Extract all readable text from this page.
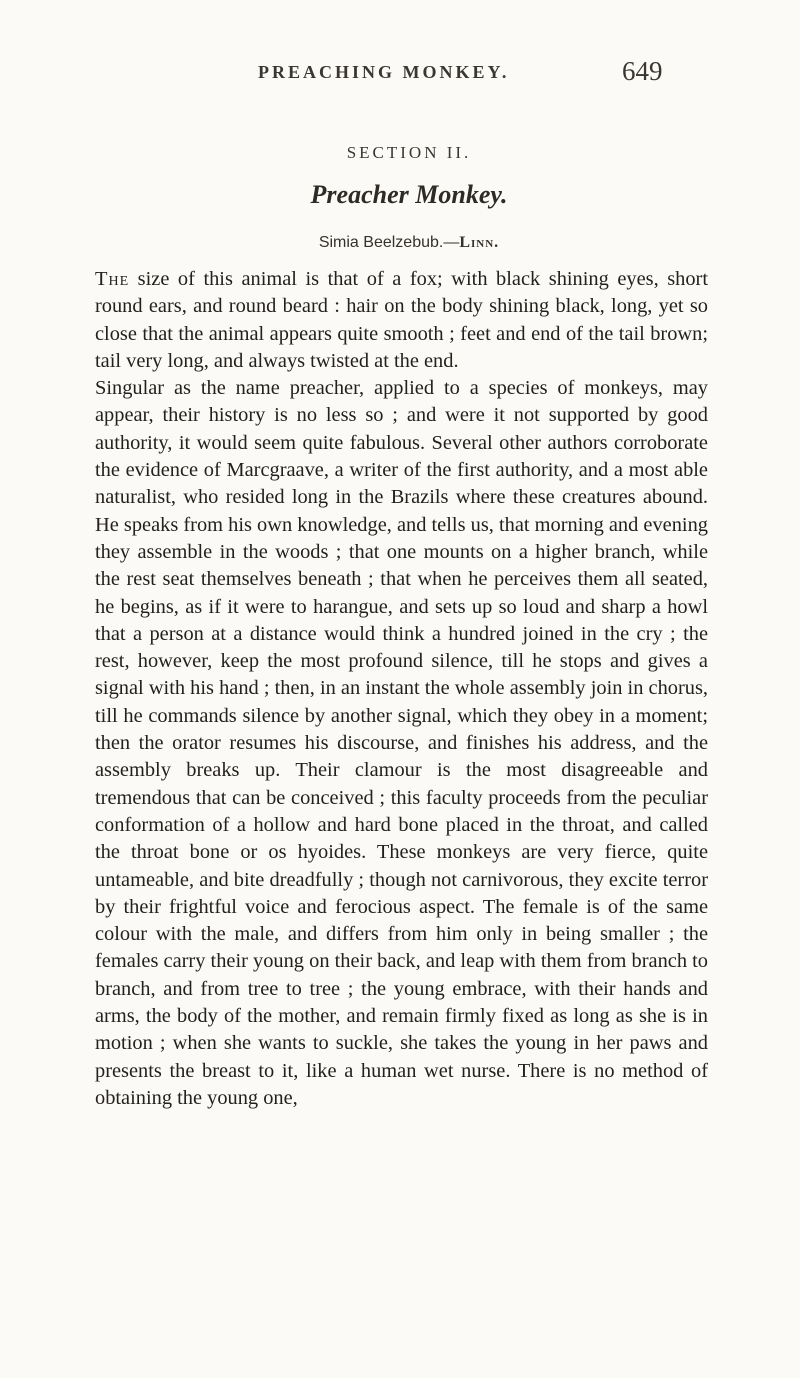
PREACHING MONKEY.	649
SECTION II.
Preacher Monkey.
Simia Beelzebub.—Linn.

The size of this animal is that of a fox; with black shining eyes, short round ears, and round beard : hair on the body shining black, long, yet so close that the animal appears quite smooth ; feet and end of the tail brown; tail very long, and always twisted at the end.

Singular as the name preacher, applied to a species of monkeys, may appear, their history is no less so ; and were it not supported by good authority, it would seem quite fabulous. Several other authors corroborate the evidence of Marcgraave, a writer of the first authority, and a most able naturalist, who resided long in the Brazils where these creatures abound. He speaks from his own knowledge, and tells us, that morning and evening they assemble in the woods ; that one mounts on a higher branch, while the rest seat themselves beneath ; that when he perceives them all seated, he begins, as if it were to harangue, and sets up so loud and sharp a howl that a person at a distance would think a hundred joined in the cry ; the rest, however, keep the most profound silence, till he stops and gives a signal with his hand ; then, in an instant the whole assembly join in chorus, till he commands silence by another signal, which they obey in a moment; then the orator resumes his discourse, and finishes his address, and the assembly breaks up. Their clamour is the most disagreeable and tremendous that can be conceived ; this faculty proceeds from the peculiar conformation of a hollow and hard bone placed in the throat, and called the throat bone or os hyoides. These monkeys are very fierce, quite untameable, and bite dreadfully ; though not carnivorous, they excite terror by their frightful voice and ferocious aspect. The female is of the same colour with the male, and differs from him only in being smaller ; the females carry their young on their back, and leap with them from branch to branch, and from tree to tree ; the young embrace, with their hands and arms, the body of the mother, and remain firmly fixed as long as she is in motion ; when she wants to suckle, she takes the young in her paws and presents the breast to it, like a human wet nurse. There is no method of obtaining the young one,
